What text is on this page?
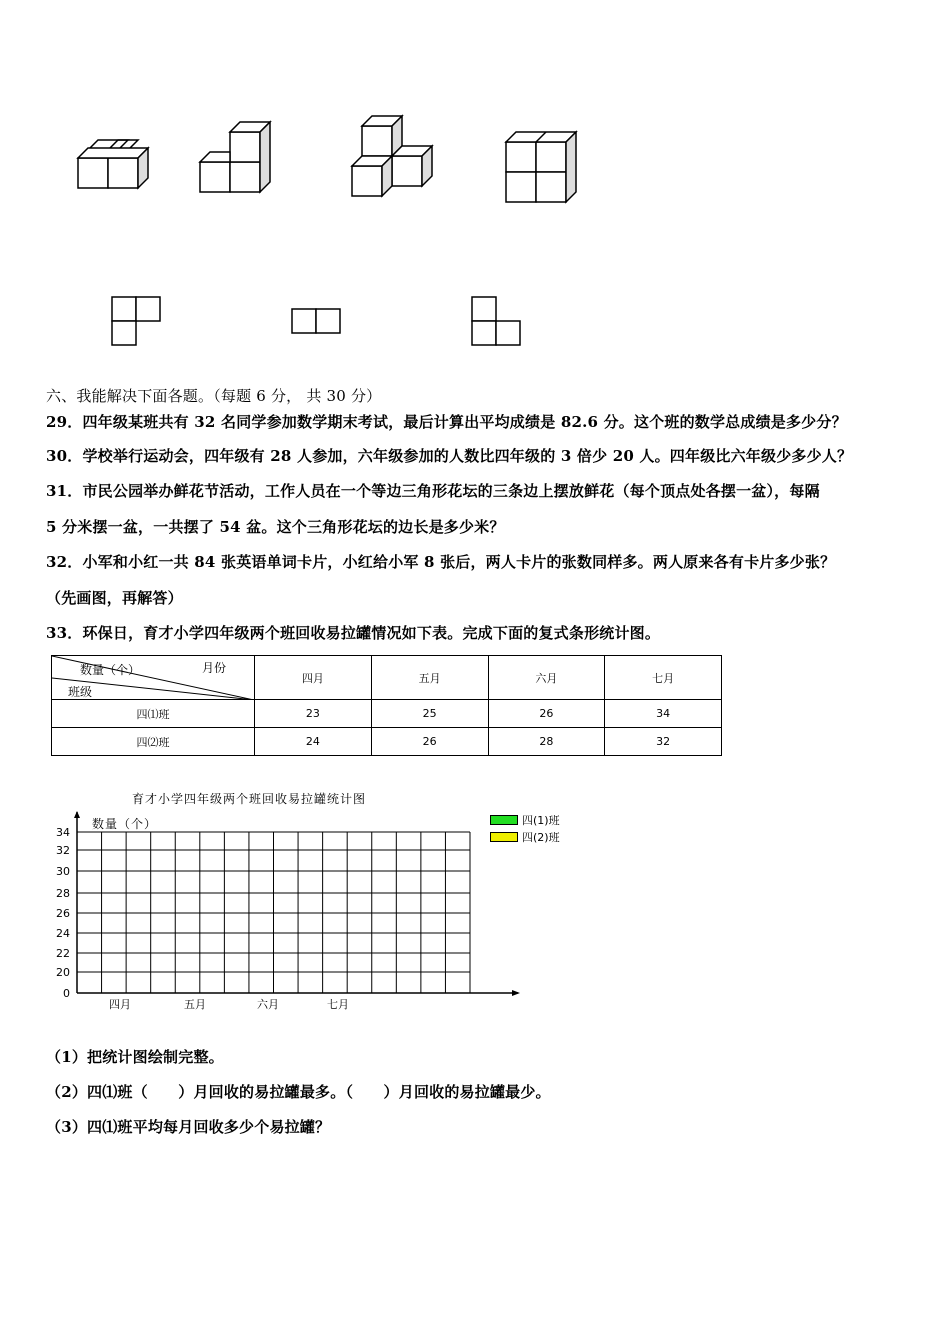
六、我能解决下面各题。（每题 6 分， 共 30 分）
29．四年级某班共有 32 名同学参加数学期末考试，最后计算出平均成绩是 82.6 分。这个班的数学总成绩是多少分？
30．学校举行运动会，四年级有 28 人参加，六年级参加的人数比四年级的 3 倍少 20 人。四年级比六年级少多少人？
31．市民公园举办鲜花节活动，工作人员在一个等边三角形花坛的三条边上摆放鲜花（每个顶点处各摆一盆），每隔
5 分米摆一盆，一共摆了 54 盆。这个三角形花坛的边长是多少米？
32．小军和小红一共 84 张英语单词卡片，小红给小军 8 张后，两人卡片的张数同样多。两人原来各有卡片多少张？
（先画图，再解答）
33．环保日，育才小学四年级两个班回收易拉罐情况如下表。完成下面的复式条形统计图。
数量（个） 月份
班级	四月	五月	六月	七月
四⑴班	23	25	26	34
四⑵班	24	26	28	32
育才小学四年级两个班回收易拉罐统计图
四(1)班
四(2)班
数量（个）
34
32
30
28
26
24
22
20
0
四月	五月	六月	七月
（1）把统计图绘制完整。
（2）四⑴班（　　）月回收的易拉罐最多。（　　）月回收的易拉罐最少。
（3）四⑴班平均每月回收多少个易拉罐？
